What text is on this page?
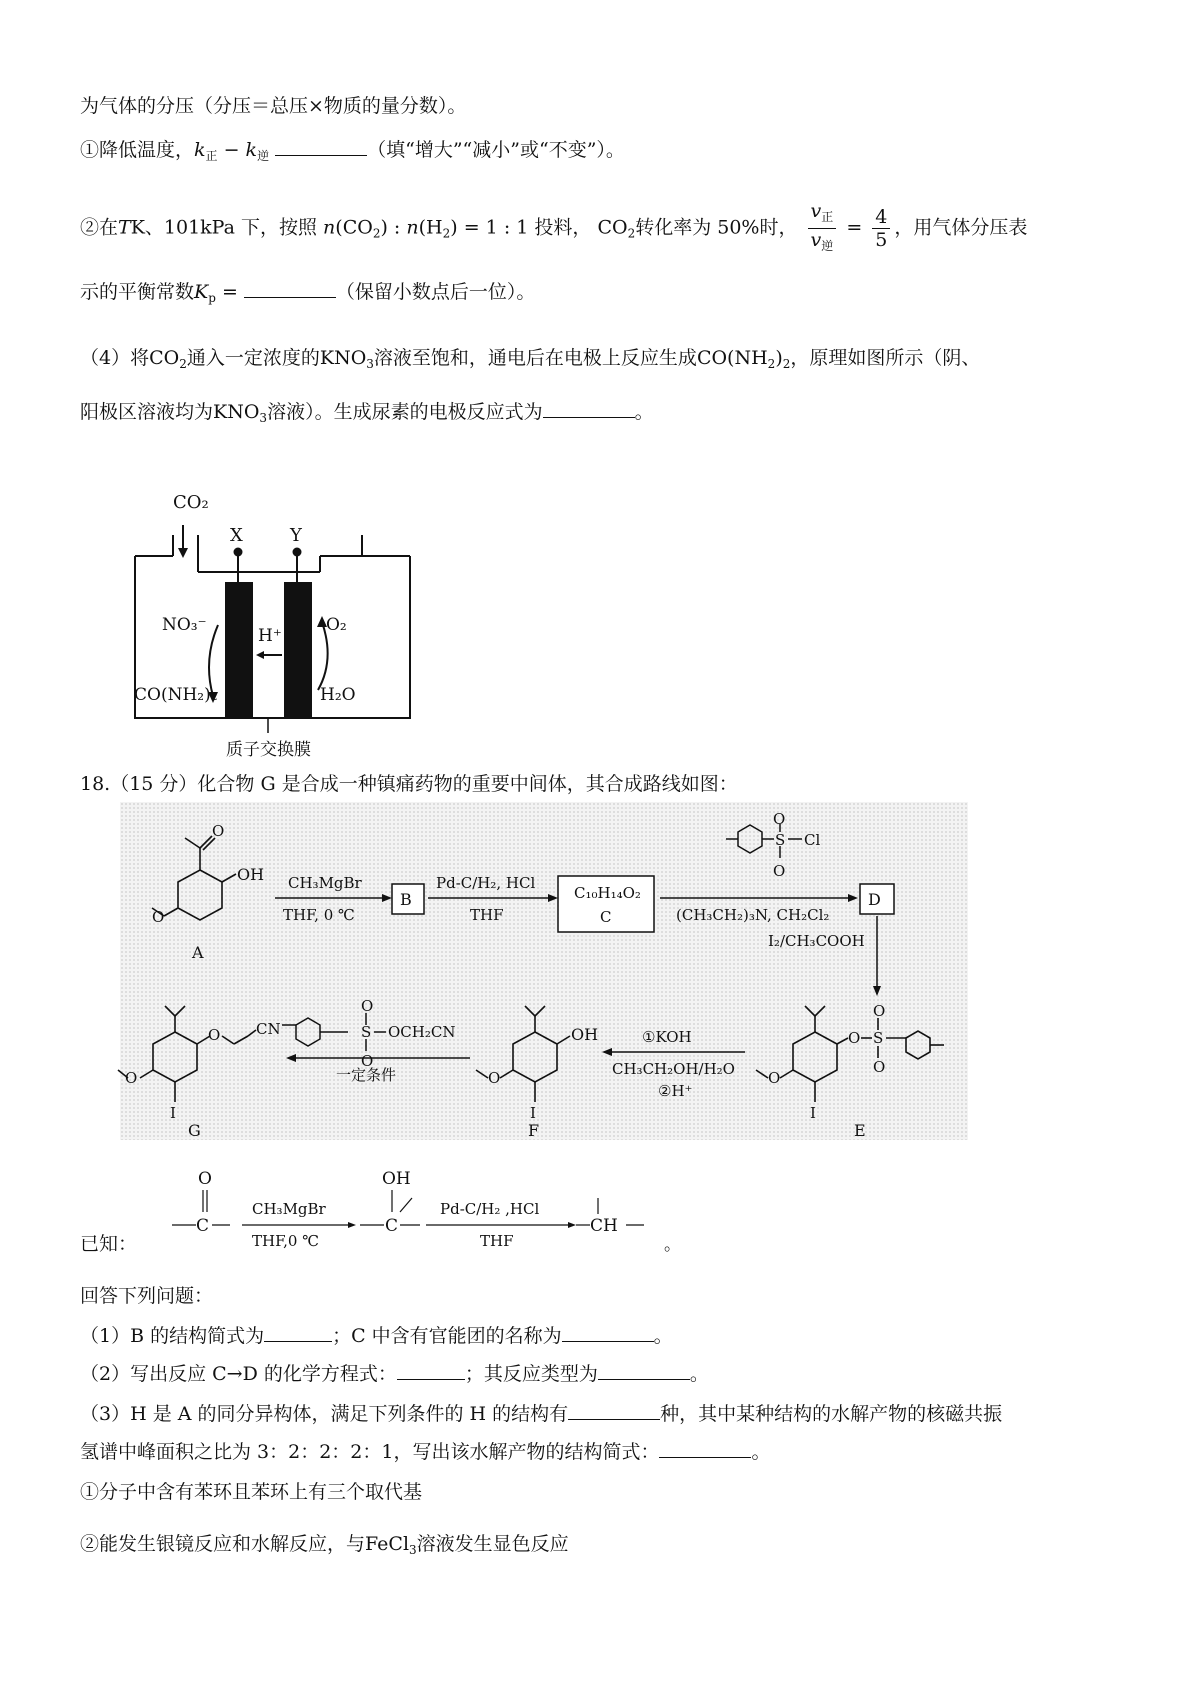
为气体的分压（分压＝总压×物质的量分数）。
①降低温度，$k_正 - k_逆$	（填“增大”“减小”或“不变”）。
②在TK、101kPa 下，按照 $n(CO_2)$ : $n(H_2) = 1$ : 1 投料， $CO_2$转化率为 50%时， $\frac{v_正}{v_逆} = \frac{4}{5}$ ，用气体分压表
示的平衡常数$K_p$ =	（保留小数点后一位）。
（4）将$CO_2$通入一定浓度的$KNO_3$溶液至饱和，通电后在电极上反应生成$CO(NH_2)_2$，原理如图所示（阴、
阳极区溶液均为$KNO_3$溶液）。生成尿素的电极反应式为	。
CO₂
X	Y
NO₃⁻
H⁺
O₂
CO(NH₂)₂	H₂O
质子交换膜
18.（15 分）化合物 G 是合成一种镇痛药物的重要中间体，其合成路线如图：
O
OH
O
A
CH₃MgBr
THF, 0 ℃
B
Pd-C/H₂, HCl
THF
C₁₀H₁₄O₂
C
O
S Cl
O
(CH₃CH₂)₃N, CH₂Cl₂
D
I₂/CH₃COOH
O S
O
O
O
I
E
①KOH
CH₃CH₂OH/H₂O
②H⁺
OH
O
I
F
S
O
O
OCH₂CN
一定条件
O CN
O
I
G
已知：
O
C
CH₃MgBr
THF,0 ℃
OH
C
Pd-C/H₂ ,HCl
THF
CH
。
回答下列问题：
（1）B 的结构简式为	；C 中含有官能团的名称为	。
（2）写出反应 C→D 的化学方程式：	；其反应类型为	。
（3）H 是 A 的同分异构体，满足下列条件的 H 的结构有	种，其中某种结构的水解产物的核磁共振
氢谱中峰面积之比为 3：2：2：2：1，写出该水解产物的结构简式：	。
①分子中含有苯环且苯环上有三个取代基
②能发生银镜反应和水解反应，与FeCl$_3$溶液发生显色反应
